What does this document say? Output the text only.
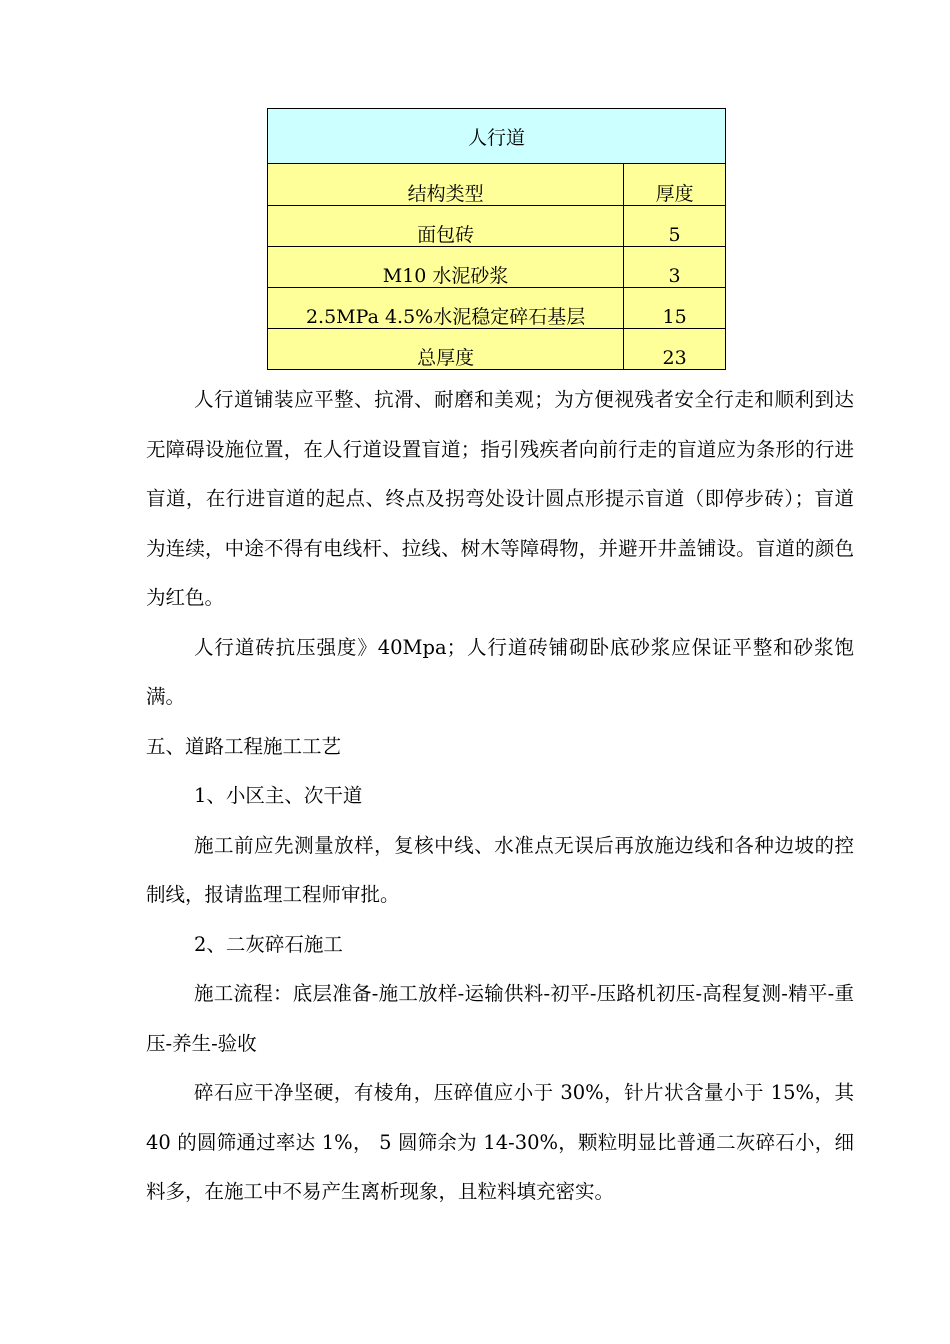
人行道	
结构类型	厚度
面包砖	5
M10 水泥砂浆	3
2.5MPa 4.5%水泥稳定碎石基层	15
总厚度	23

人行道铺装应平整、抗滑、耐磨和美观；为方便视残者安全行走和顺利到达无障碍设施位置，在人行道设置盲道；指引残疾者向前行走的盲道应为条形的行进盲道，在行进盲道的起点、终点及拐弯处设计圆点形提示盲道（即停步砖）；盲道为连续，中途不得有电线杆、拉线、树木等障碍物，并避开井盖铺设。盲道的颜色为红色。

人行道砖抗压强度》40Mpa；人行道砖铺砌卧底砂浆应保证平整和砂浆饱满。

五、道路工程施工工艺

1、小区主、次干道

施工前应先测量放样，复核中线、水准点无误后再放施边线和各种边坡的控制线，报请监理工程师审批。

2、二灰碎石施工

施工流程：底层准备-施工放样-运输供料-初平-压路机初压-高程复测-精平-重压-养生-验收

碎石应干净坚硬，有棱角，压碎值应小于 30%，针片状含量小于 15%，其 40 的圆筛通过率达 1%， 5 圆筛余为 14-30%，颗粒明显比普通二灰碎石小，细料多，在施工中不易产生离析现象，且粒料填充密实。
